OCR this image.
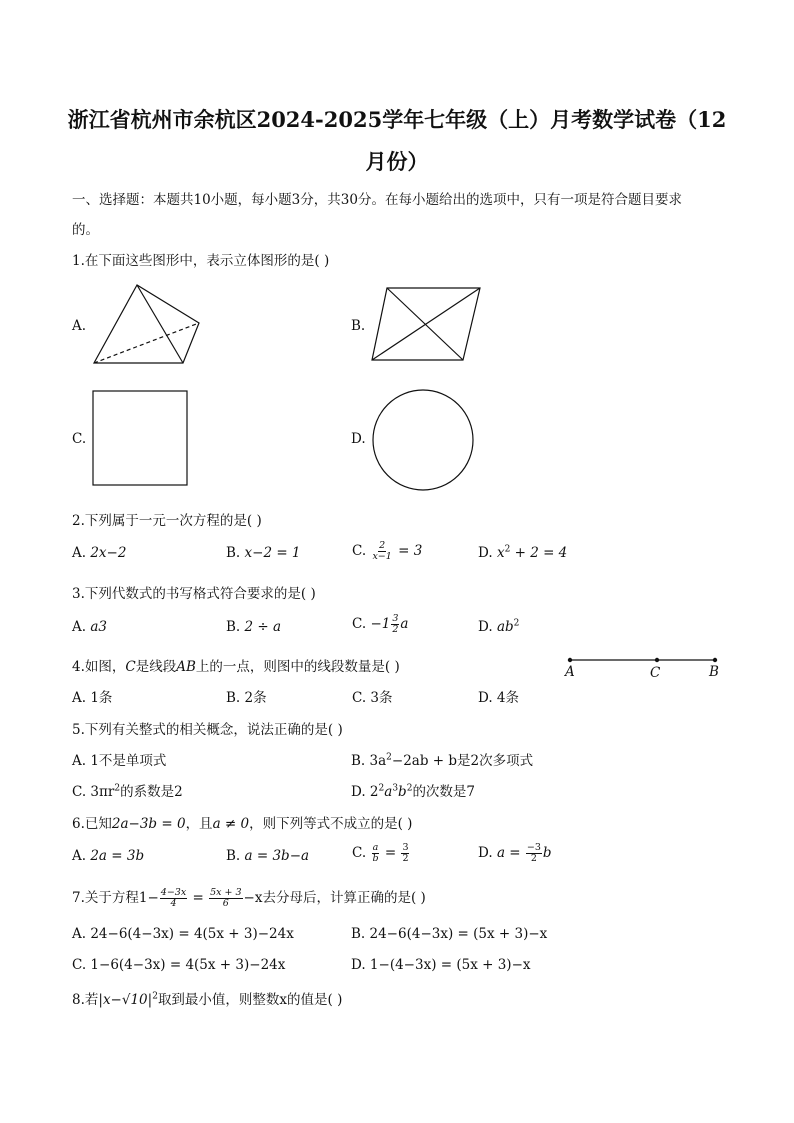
浙江省杭州市余杭区2024-2025学年七年级（上）月考数学试卷（12
月份）
一、选择题：本题共10小题，每小题3分，共30分。在每小题给出的选项中，只有一项是符合题目要求
的。
1.在下面这些图形中，表示立体图形的是( )
A.	B.
C.	D.
2.下列属于一元一次方程的是( )
A. 2x−2	B. x−2 = 1	C. $\frac{2}{x-1} = 3$	D. $x^2 + 2 = 4$
3.下列代数式的书写格式符合要求的是( )
A. a3	B. 2 ÷ a	C. $-1 \frac{3}{2}$ a	D. $ab^2$
4.如图，C是线段AB上的一点，则图中的线段数量是( )	A	C	B
A. 1条	B. 2条	C. 3条	D. 4条
5.下列有关整式的相关概念，说法正确的是( )
A. 1不是单项式	B. $3a^2-2ab + b$是2次多项式
C. $3\pi r^2$的系数是2	D. $2^2a^3b^2$的次数是7
6.已知2a−3b = 0，且a ≠ 0，则下列等式不成立的是( )
A. 2a = 3b	B. a = 3b−a	C. $\frac{a}{b} = \frac{3}{2}$	D. $a = \frac{-3}{2}$ b
7.关于方程$1- \frac{4-3x}{4} = \frac{5x + 3}{6} -x$去分母后，计算正确的是( )
A. 24−6(4−3x) = 4(5x + 3)−24x	B. 24−6(4−3x) = (5x + 3)−x
C. 1−6(4−3x) = 4(5x + 3)−24x	D. 1−(4−3x) = (5x + 3)−x
8.若$|x-√10|^2$取到最小值，则整数x的值是( )
